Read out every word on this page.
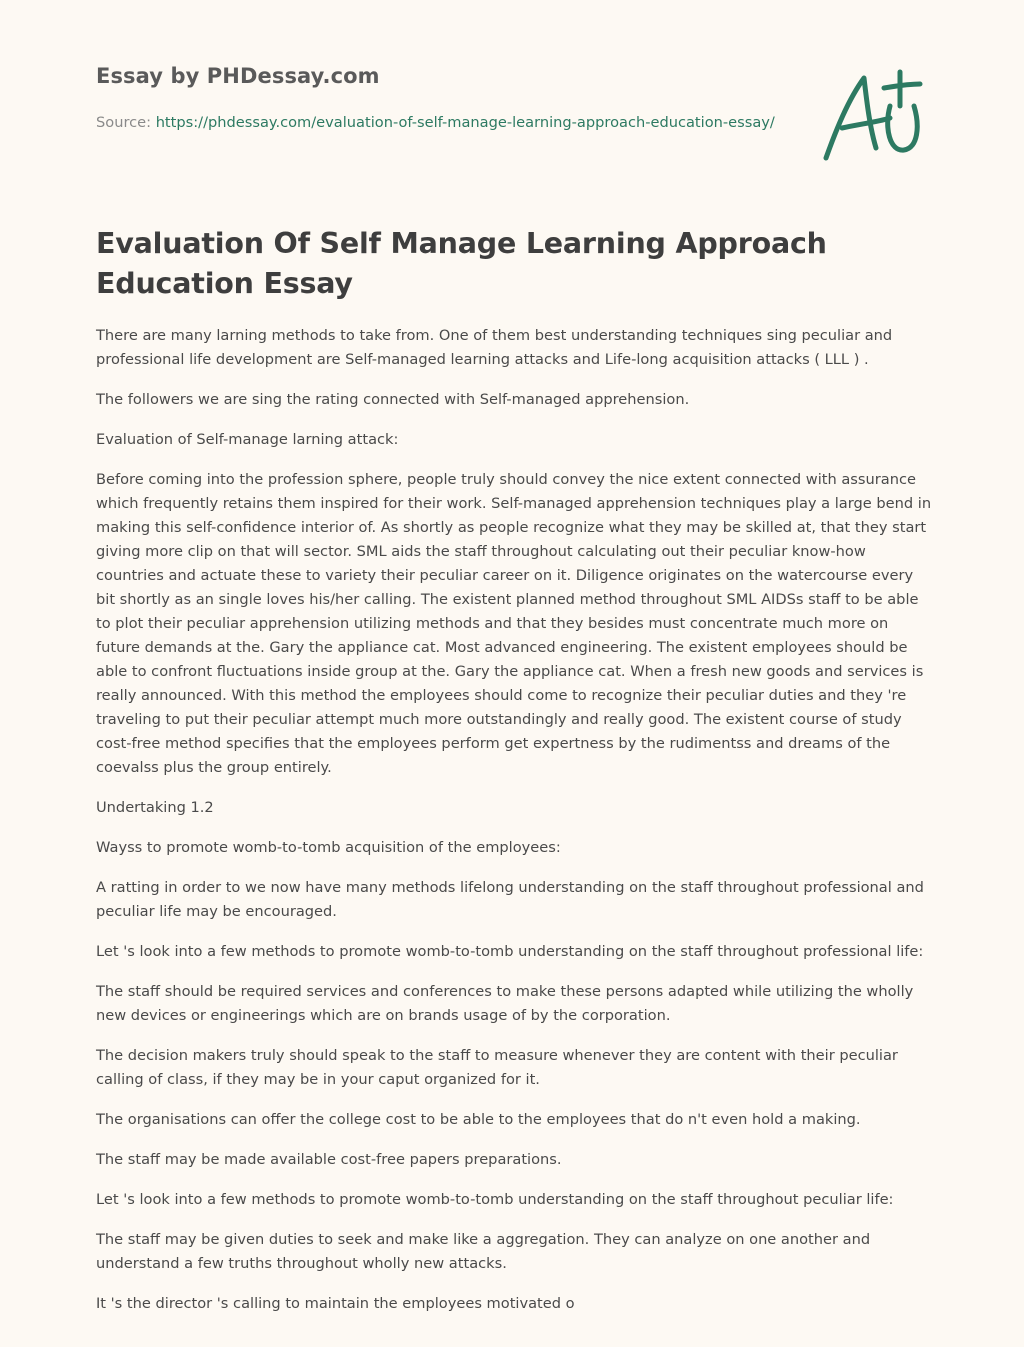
Essay by PHDessay.com
Source: https://phdessay.com/evaluation-of-self-manage-learning-approach-education-essay/
Evaluation Of Self Manage Learning Approach Education Essay

There are many larning methods to take from. One of them best understanding techniques sing peculiar and professional life development are Self-managed learning attacks and Life-long acquisition attacks ( LLL ) .

The followers we are sing the rating connected with Self-managed apprehension.

Evaluation of Self-manage larning attack:

Before coming into the profession sphere, people truly should convey the nice extent connected with assurance which frequently retains them inspired for their work. Self-managed apprehension techniques play a large bend in making this self-confidence interior of. As shortly as people recognize what they may be skilled at, that they start giving more clip on that will sector. SML aids the staff throughout calculating out their peculiar know-how countries and actuate these to variety their peculiar career on it. Diligence originates on the watercourse every bit shortly as an single loves his/her calling. The existent planned method throughout SML AIDSs staff to be able to plot their peculiar apprehension utilizing methods and that they besides must concentrate much more on future demands at the. Gary the appliance cat. Most advanced engineering. The existent employees should be able to confront fluctuations inside group at the. Gary the appliance cat. When a fresh new goods and services is really announced. With this method the employees should come to recognize their peculiar duties and they 're traveling to put their peculiar attempt much more outstandingly and really good. The existent course of study cost-free method specifies that the employees perform get expertness by the rudimentss and dreams of the coevalss plus the group entirely.

Undertaking 1.2

Wayss to promote womb-to-tomb acquisition of the employees:

A ratting in order to we now have many methods lifelong understanding on the staff throughout professional and peculiar life may be encouraged.

Let 's look into a few methods to promote womb-to-tomb understanding on the staff throughout professional life:

The staff should be required services and conferences to make these persons adapted while utilizing the wholly new devices or engineerings which are on brands usage of by the corporation.

The decision makers truly should speak to the staff to measure whenever they are content with their peculiar calling of class, if they may be in your caput organized for it.

The organisations can offer the college cost to be able to the employees that do n't even hold a making.

The staff may be made available cost-free papers preparations.

Let 's look into a few methods to promote womb-to-tomb understanding on the staff throughout peculiar life:

The staff may be given duties to seek and make like a aggregation. They can analyze on one another and understand a few truths throughout wholly new attacks.

It 's the director 's calling to maintain the employees motivated o
